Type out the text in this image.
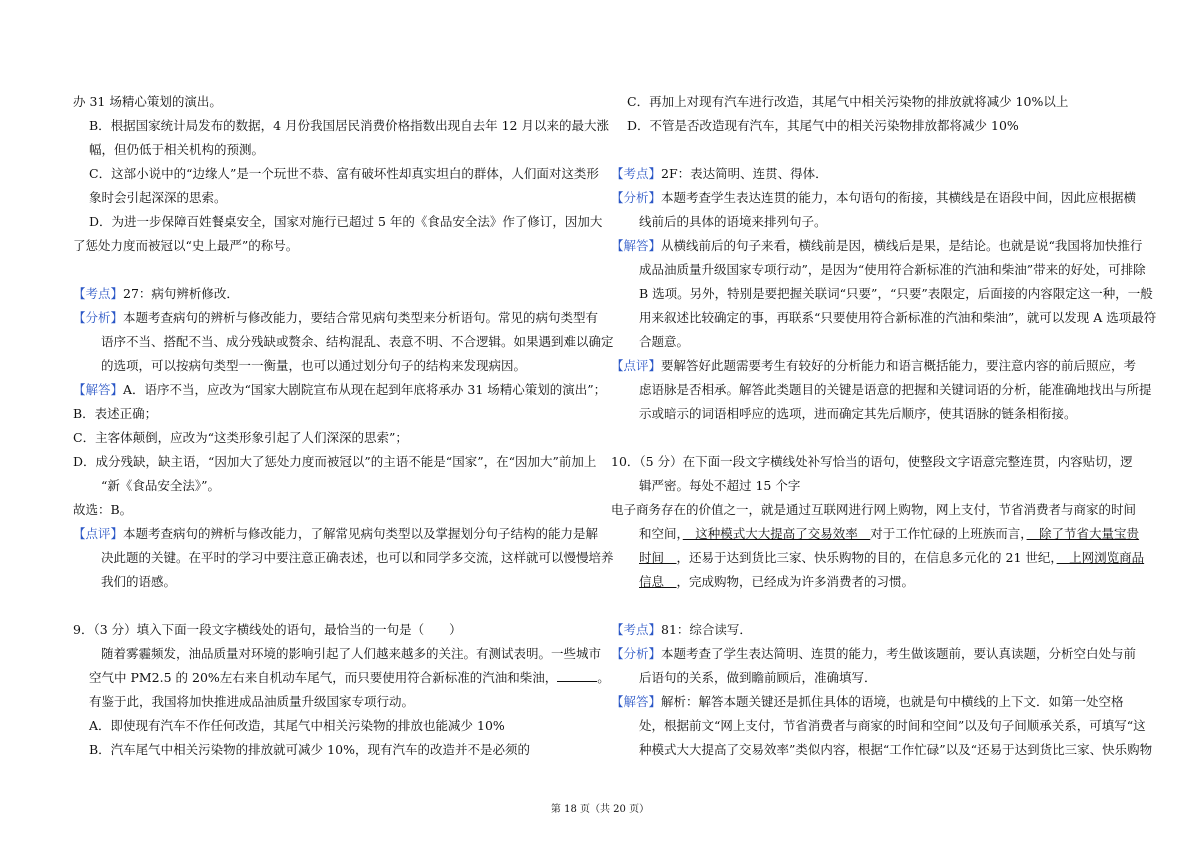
办 31 场精心策划的演出。
B．根据国家统计局发布的数据，4 月份我国居民消费价格指数出现自去年 12 月以来的最大涨
幅，但仍低于相关机构的预测。
C．这部小说中的“边缘人”是一个玩世不恭、富有破坏性却真实坦白的群体，人们面对这类形
象时会引起深深的思索。
D．为进一步保障百姓餐桌安全，国家对施行已超过 5 年的《食品安全法》作了修订，因加大
了惩处力度而被冠以“史上最严”的称号。
【考点】27：病句辨析修改．
【分析】本题考查病句的辨析与修改能力，要结合常见病句类型来分析语句。常见的病句类型有
语序不当、搭配不当、成分残缺或赘余、结构混乱、表意不明、不合逻辑。如果遇到难以确定
的选项，可以按病句类型一一衡量，也可以通过划分句子的结构来发现病因。
【解答】A．语序不当，应改为“国家大剧院宣布从现在起到年底将承办 31 场精心策划的演出”；
B．表述正确；
C．主客体颠倒，应改为“这类形象引起了人们深深的思索”；
D．成分残缺，缺主语，“因加大了惩处力度而被冠以”的主语不能是“国家”，在“因加大”前加上
“新《食品安全法》”。
故选：B。
【点评】本题考查病句的辨析与修改能力，了解常见病句类型以及掌握划分句子结构的能力是解
决此题的关键。在平时的学习中要注意正确表述，也可以和同学多交流，这样就可以慢慢培养
我们的语感。
9．（3 分）填入下面一段文字横线处的语句，最恰当的一句是（　　）
随着雾霾频发，油品质量对环境的影响引起了人们越来越多的关注。有测试表明。一些城市
空气中 PM2.5 的 20%左右来自机动车尾气，而只要使用符合新标准的汽油和柴油，	。
有鉴于此，我国将加快推进成品油质量升级国家专项行动。
A．即使现有汽车不作任何改造，其尾气中相关污染物的排放也能减少 10%
B．汽车尾气中相关污染物的排放就可减少 10%，现有汽车的改造并不是必须的
C．再加上对现有汽车进行改造，其尾气中相关污染物的排放就将减少 10%以上
D．不管是否改造现有汽车，其尾气中的相关污染物排放都将减少 10%
【考点】2F：表达简明、连贯、得体．
【分析】本题考查学生表达连贯的能力，本句语句的衔接，其横线是在语段中间，因此应根据横
线前后的具体的语境来排列句子。
【解答】从横线前后的句子来看，横线前是因，横线后是果，是结论。也就是说“我国将加快推行
成品油质量升级国家专项行动”，是因为“使用符合新标准的汽油和柴油”带来的好处，可排除
B 选项。另外，特别是要把握关联词“只要”，“只要”表限定，后面接的内容限定这一种，一般
用来叙述比较确定的事，再联系“只要使用符合新标准的汽油和柴油”，就可以发现 A 选项最符
合题意。
【点评】要解答好此题需要考生有较好的分析能力和语言概括能力，要注意内容的前后照应，考
虑语脉是否相承。解答此类题目的关键是语意的把握和关键词语的分析，能准确地找出与所提
示或暗示的词语相呼应的选项，进而确定其先后顺序，使其语脉的链条相衔接。
10．（5 分）在下面一段文字横线处补写恰当的语句，使整段文字语意完整连贯，内容贴切，逻
辑严密。每处不超过 15 个字
电子商务存在的价值之一，就是通过互联网进行网上购物，网上支付，节省消费者与商家的时间
和空间，　这种模式大大提高了交易效率　对于工作忙碌的上班族而言，　除了节省大量宝贵
时间　，还易于达到货比三家、快乐购物的目的，在信息多元化的 21 世纪，　上网浏览商品
信息　，完成购物，已经成为许多消费者的习惯。
【考点】81：综合读写．
【分析】本题考查了学生表达简明、连贯的能力，考生做该题前，要认真读题，分析空白处与前
后语句的关系，做到瞻前顾后，准确填写．
【解答】解析：解答本题关键还是抓住具体的语境，也就是句中横线的上下文．如第一处空格
处，根据前文“网上支付，节省消费者与商家的时间和空间”以及句子间顺承关系，可填写“这
种模式大大提高了交易效率”类似内容，根据“工作忙碌”以及“还易于达到货比三家、快乐购物
第 18 页（共 20 页）
